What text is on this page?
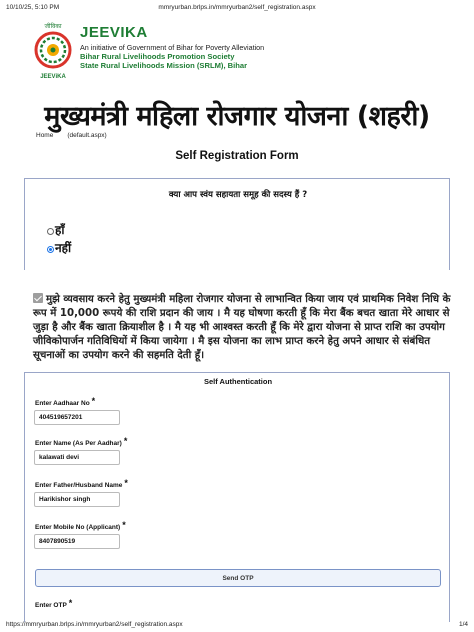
10/10/25, 5:10 PM	mmryurban.brlps.in/mmryurban2/self_registration.aspx
जीविका
JEEViKA
JEEVIKA
An initiative of Government of Bihar for Poverty Alleviation
Bihar Rural Livelihoods Promotion Society
State Rural Livelihoods Mission (SRLM), Bihar
मुख्यमंत्री महिला रोजगार योजना (शहरी)
Home (default.aspx)
Self Registration Form
क्या आप स्वंय सहायता समूह की सदस्य हैं ?
हाँ
नहीं
मुझे व्यवसाय करने हेतु मुख्यमंत्री महिला रोजगार योजना से लाभान्वित किया जाय एवं प्राथमिक निवेश निधि के रूप में 10,000 रूपये की राशि प्रदान की जाय । मै यह घोषणा करती हूँ कि मेरा बैंक बचत खाता मेरे आधार से जुड़ा है और बैंक खाता क्रियाशील है । मै यह भी आश्वस्त करती हूँ कि मेरे द्वारा योजना से प्राप्त राशि का उपयोग जीविकोपार्जन गतिविधियों में किया जायेगा । मै इस योजना का लाभ प्राप्त करने हेतु अपने आधार से संबंधित सूचनाओं का उपयोग करने की सहमति देती हूँ।
Self Authentication
Enter Aadhaar No *
404519657201
Enter Name (As Per Aadhar) *
kalawati devi
Enter Father/Husband Name *
Harikishor singh
Enter Mobile No (Applicant) *
8407890519
Send OTP
Enter OTP *
https://mmryurban.brlps.in/mmryurban2/self_registration.aspx	1/4
